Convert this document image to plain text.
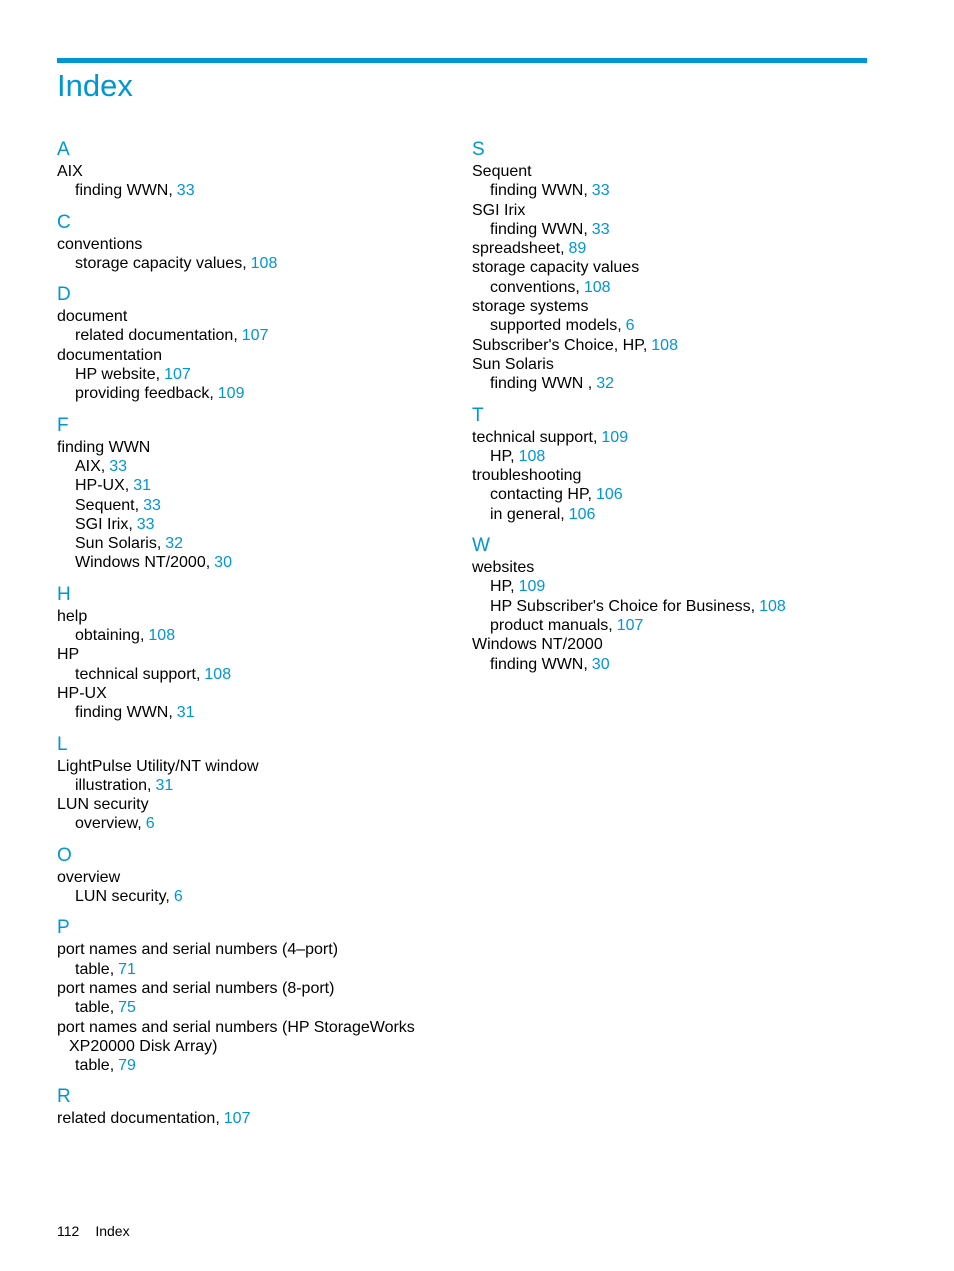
Index
A
AIX
finding WWN, 33
C
conventions
storage capacity values, 108
D
document
related documentation, 107
documentation
HP website, 107
providing feedback, 109
F
finding WWN
AIX, 33
HP-UX, 31
Sequent, 33
SGI Irix, 33
Sun Solaris, 32
Windows NT/2000, 30
H
help
obtaining, 108
HP
technical support, 108
HP-UX
finding WWN, 31
L
LightPulse Utility/NT window
illustration, 31
LUN security
overview, 6
O
overview
LUN security, 6
P
port names and serial numbers (4–port)
table, 71
port names and serial numbers (8-port)
table, 75
port names and serial numbers (HP StorageWorks
XP20000 Disk Array)
table, 79
R
related documentation, 107
S
Sequent
finding WWN, 33
SGI Irix
finding WWN, 33
spreadsheet, 89
storage capacity values
conventions, 108
storage systems
supported models, 6
Subscriber's Choice, HP, 108
Sun Solaris
finding WWN , 32
T
technical support, 109
HP, 108
troubleshooting
contacting HP, 106
in general, 106
W
websites
HP, 109
HP Subscriber's Choice for Business, 108
product manuals, 107
Windows NT/2000
finding WWN, 30
112 Index
